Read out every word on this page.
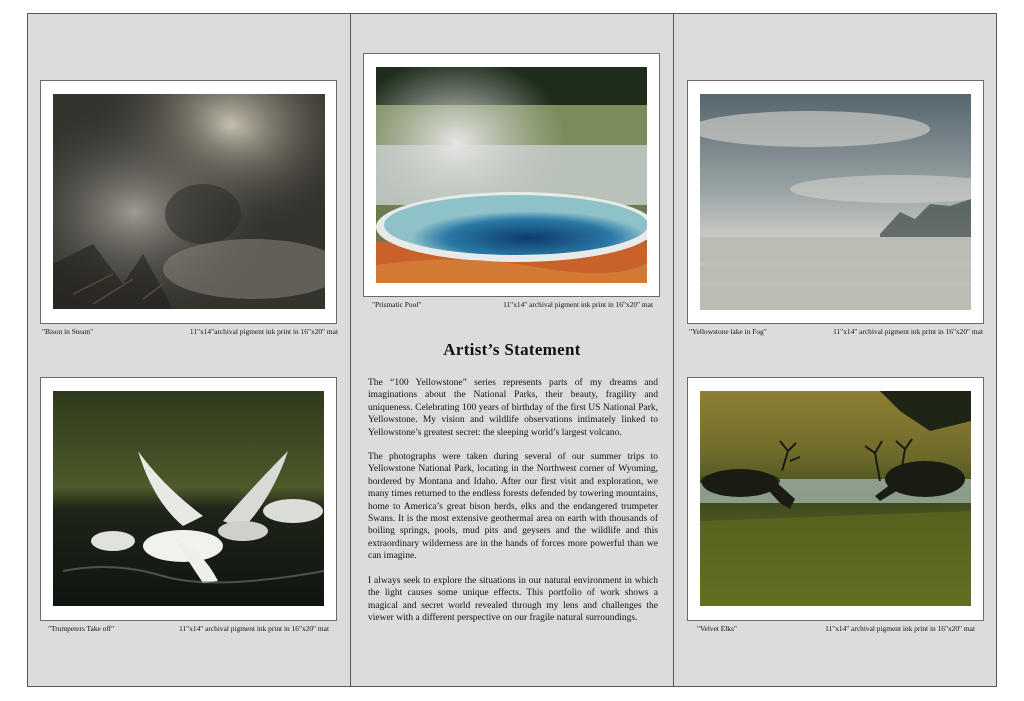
"Bison in Steam"	11"x14"archival pigment ink print in 16"x20" mat
"Prismatic Pool"	11"x14" archival pigment ink print in 16"x20" mat
"Yellowstone lake in Fog"	11"x14" archival pigment ink print in 16"x20" mat
"Trumpeters Take off"	11"x14" archival pigment ink print in 16"x20" mat	"Velvet Elks"	11"x14" archival pigment ink print in 16"x20" mat
Artist’s Statement

The “100 Yellowstone” series represents parts of my dreams and imaginations about the National Parks, their beauty, fragility and uniqueness. Celebrating 100 years of birthday of the first US National Park, Yellowstone. My vision and wildlife observations intimately linked to Yellowstone’s greatest secret: the sleeping world’s largest volcano.

The photographs were taken during several of our summer trips to Yellowstone National Park, locating in the Northwest corner of Wyoming, bordered by Montana and Idaho. After our first visit and exploration, we many times returned to the endless forests defended by towering mountains, home to America’s great bison herds, elks and the endangered trumpeter Swans. It is the most extensive geothermal area on earth with thousands of boiling springs, pools, mud pits and geysers and the wildlife and this extraordinary wilderness are in the hands of forces more powerful than we can imagine.

I always seek to explore the situations in our natural environment in which the light causes some unique effects. This portfolio of work shows a magical and secret world revealed through my lens and challenges the viewer with a different perspective on our fragile natural surroundings.
